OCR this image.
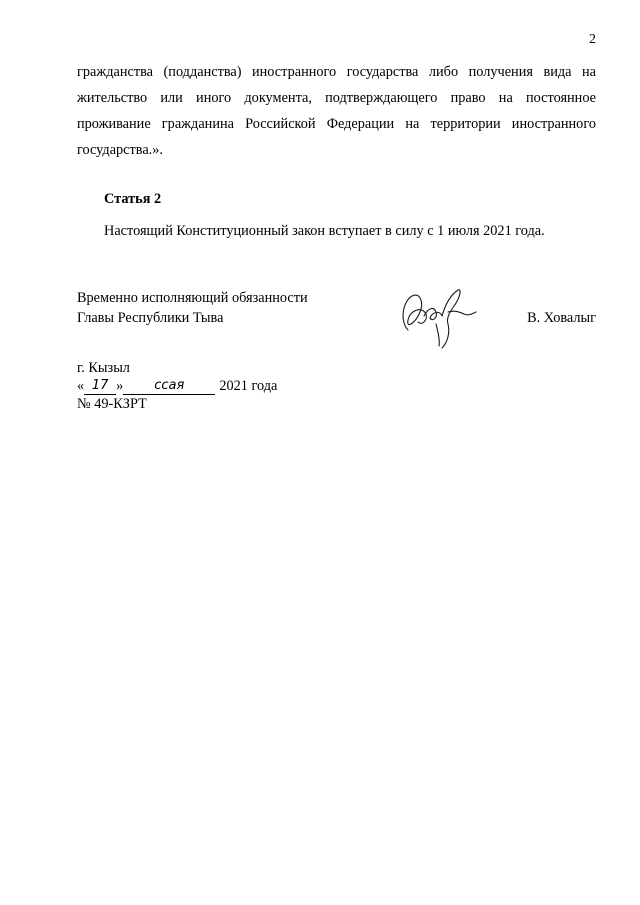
2

гражданства (подданства) иностранного государства либо получения вида на жительство или иного документа, подтверждающего право на постоянное проживание гражданина Российской Федерации на территории иностранного государства.».

Статья 2
Настоящий Конституционный закон вступает в силу с 1 июля 2021 года.
Временно исполняющий обязанности
Главы Республики Тыва	В. Ховалыг
г. Кызыл
« 17 »	ссая	2021 года
№ 49-КЗРТ
